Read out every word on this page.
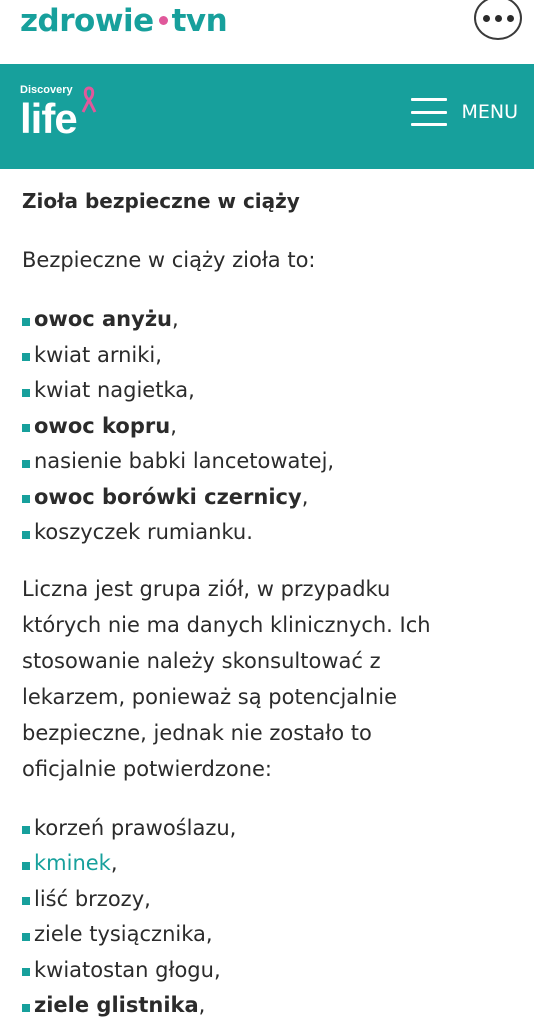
zdrowie tvn
Discovery
life	MENU
Zioła bezpieczne w ciąży

Bezpieczne w ciąży zioła to:

owoc anyżu ,
kwiat arniki ,
kwiat nagietka ,
owoc kopru ,
nasienie babki lancetowatej ,
owoc borówki czernicy ,
koszyczek rumianku .

Liczna jest grupa ziół, w przypadku
których nie ma danych klinicznych. Ich
stosowanie należy skonsultować z
lekarzem, ponieważ są potencjalnie
bezpieczne, jednak nie zostało to
oficjalnie potwierdzone:

korzeń prawoślazu ,
kminek ,
liść brzozy ,
ziele tysiącznika ,
kwiatostan głogu ,
ziele glistnika ,
